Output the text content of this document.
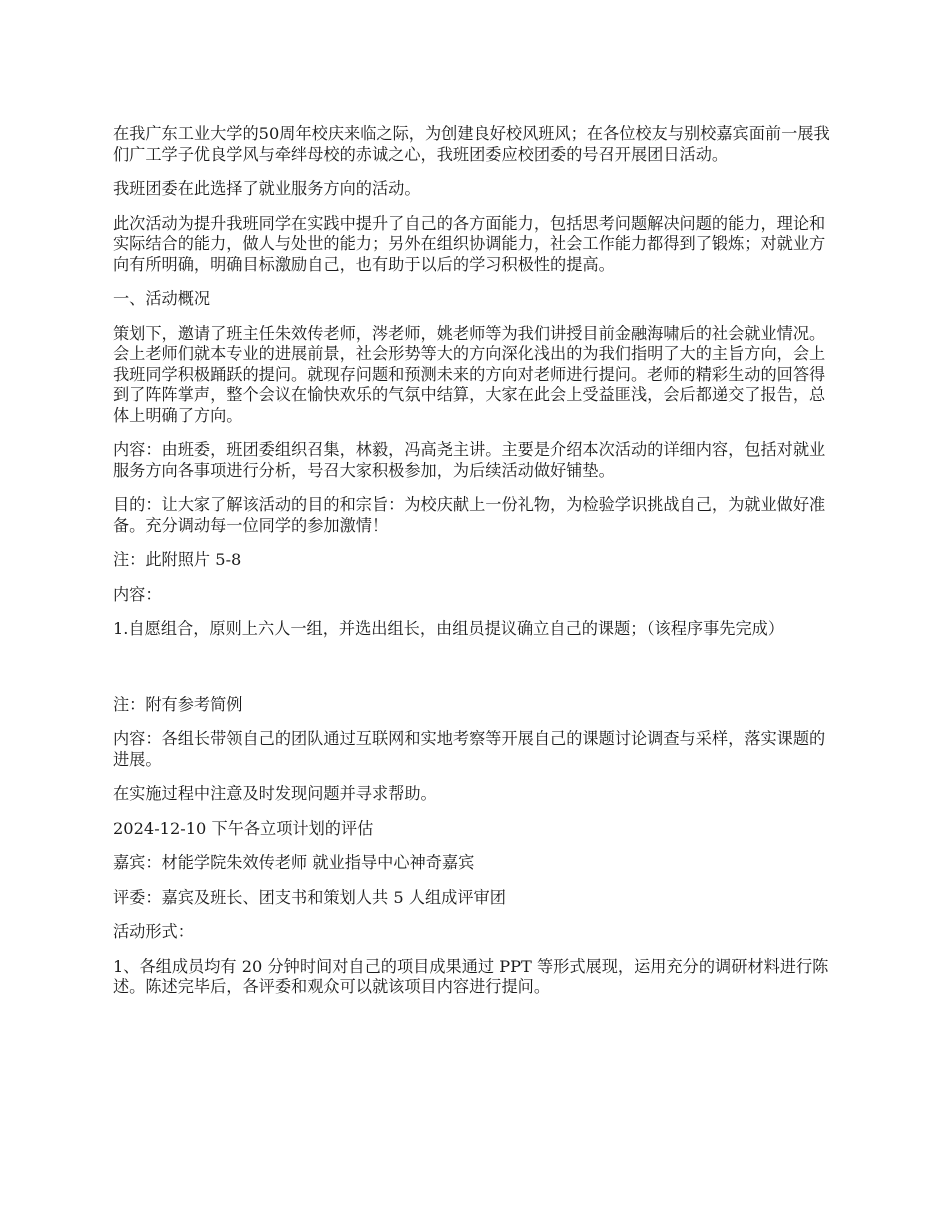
在我广东工业大学的50周年校庆来临之际，为创建良好校风班风；在各位校友与别校嘉宾面前一展我们广工学子优良学风与牵绊母校的赤诚之心，我班团委应校团委的号召开展团日活动。

我班团委在此选择了就业服务方向的活动。

此次活动为提升我班同学在实践中提升了自己的各方面能力，包括思考问题解决问题的能力，理论和实际结合的能力，做人与处世的能力；另外在组织协调能力，社会工作能力都得到了锻炼；对就业方向有所明确，明确目标激励自己，也有助于以后的学习积极性的提高。

一、活动概况

策划下，邀请了班主任朱效传老师，涔老师，姚老师等为我们讲授目前金融海啸后的社会就业情况。会上老师们就本专业的进展前景，社会形势等大的方向深化浅出的为我们指明了大的主旨方向，会上我班同学积极踊跃的提问。就现存问题和预测未来的方向对老师进行提问。老师的精彩生动的回答得到了阵阵掌声，整个会议在愉快欢乐的气氛中结算，大家在此会上受益匪浅，会后都递交了报告，总体上明确了方向。

内容：由班委，班团委组织召集，林毅，冯高尧主讲。主要是介绍本次活动的详细内容，包括对就业服务方向各事项进行分析，号召大家积极参加，为后续活动做好铺垫。

目的：让大家了解该活动的目的和宗旨：为校庆献上一份礼物，为检验学识挑战自己，为就业做好准备。充分调动每一位同学的参加激情！

注：此附照片 5-8

内容：

1.自愿组合，原则上六人一组，并选出组长，由组员提议确立自己的课题；（该程序事先完成）

注：附有参考简例

内容：各组长带领自己的团队通过互联网和实地考察等开展自己的课题讨论调查与采样，落实课题的进展。

在实施过程中注意及时发现问题并寻求帮助。

2024-12-10 下午各立项计划的评估

嘉宾：材能学院朱效传老师 就业指导中心神奇嘉宾

评委：嘉宾及班长、团支书和策划人共 5 人组成评审团

活动形式：

1、各组成员均有 20 分钟时间对自己的项目成果通过 PPT 等形式展现，运用充分的调研材料进行陈述。陈述完毕后，各评委和观众可以就该项目内容进行提问。
